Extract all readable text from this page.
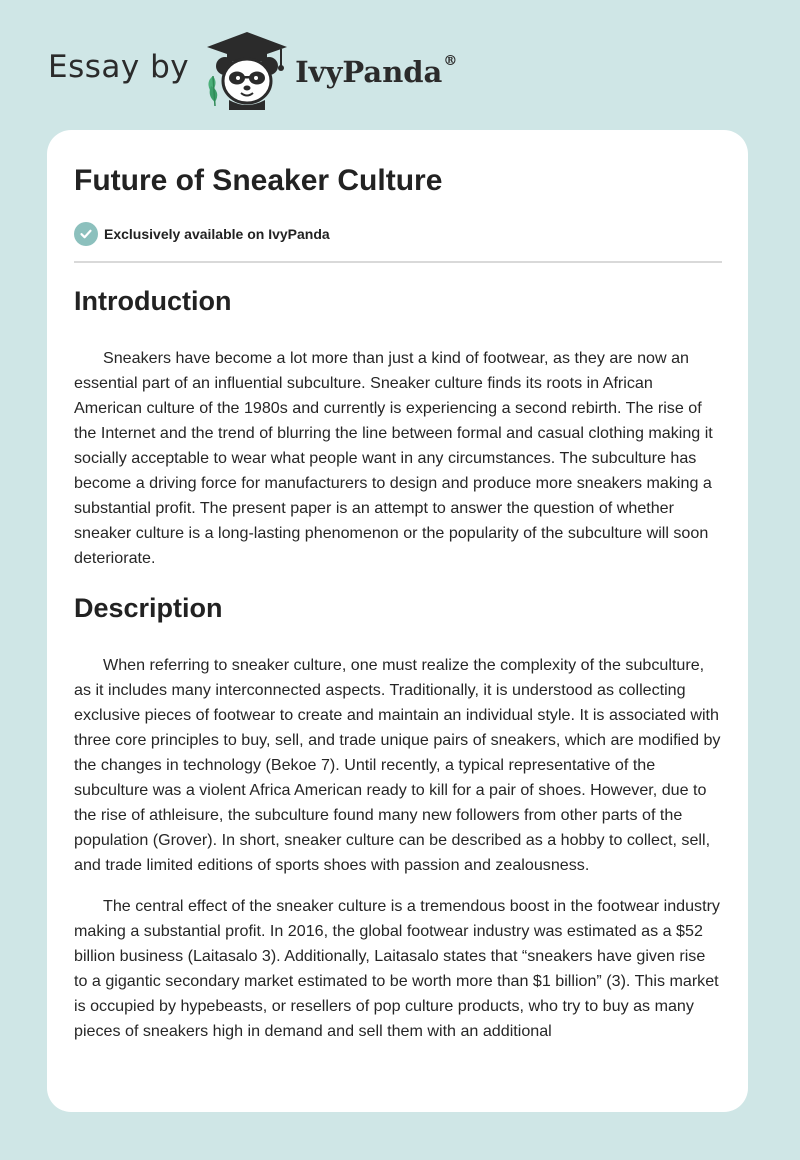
Essay by	IvyPanda®
Future of Sneaker Culture
Exclusively available on IvyPanda
Introduction

Sneakers have become a lot more than just a kind of footwear, as they are now an essential part of an influential subculture. Sneaker culture finds its roots in African American culture of the 1980s and currently is experiencing a second rebirth. The rise of the Internet and the trend of blurring the line between formal and casual clothing making it socially acceptable to wear what people want in any circumstances. The subculture has become a driving force for manufacturers to design and produce more sneakers making a substantial profit. The present paper is an attempt to answer the question of whether sneaker culture is a long-lasting phenomenon or the popularity of the subculture will soon deteriorate.

Description

When referring to sneaker culture, one must realize the complexity of the subculture, as it includes many interconnected aspects. Traditionally, it is understood as collecting exclusive pieces of footwear to create and maintain an individual style. It is associated with three core principles to buy, sell, and trade unique pairs of sneakers, which are modified by the changes in technology (Bekoe 7). Until recently, a typical representative of the subculture was a violent Africa American ready to kill for a pair of shoes. However, due to the rise of athleisure, the subculture found many new followers from other parts of the population (Grover). In short, sneaker culture can be described as a hobby to collect, sell, and trade limited editions of sports shoes with passion and zealousness.

The central effect of the sneaker culture is a tremendous boost in the footwear industry making a substantial profit. In 2016, the global footwear industry was estimated as a $52 billion business (Laitasalo 3). Additionally, Laitasalo states that “sneakers have given rise to a gigantic secondary market estimated to be worth more than $1 billion” (3). This market is occupied by hypebeasts, or resellers of pop culture products, who try to buy as many pieces of sneakers high in demand and sell them with an additional
